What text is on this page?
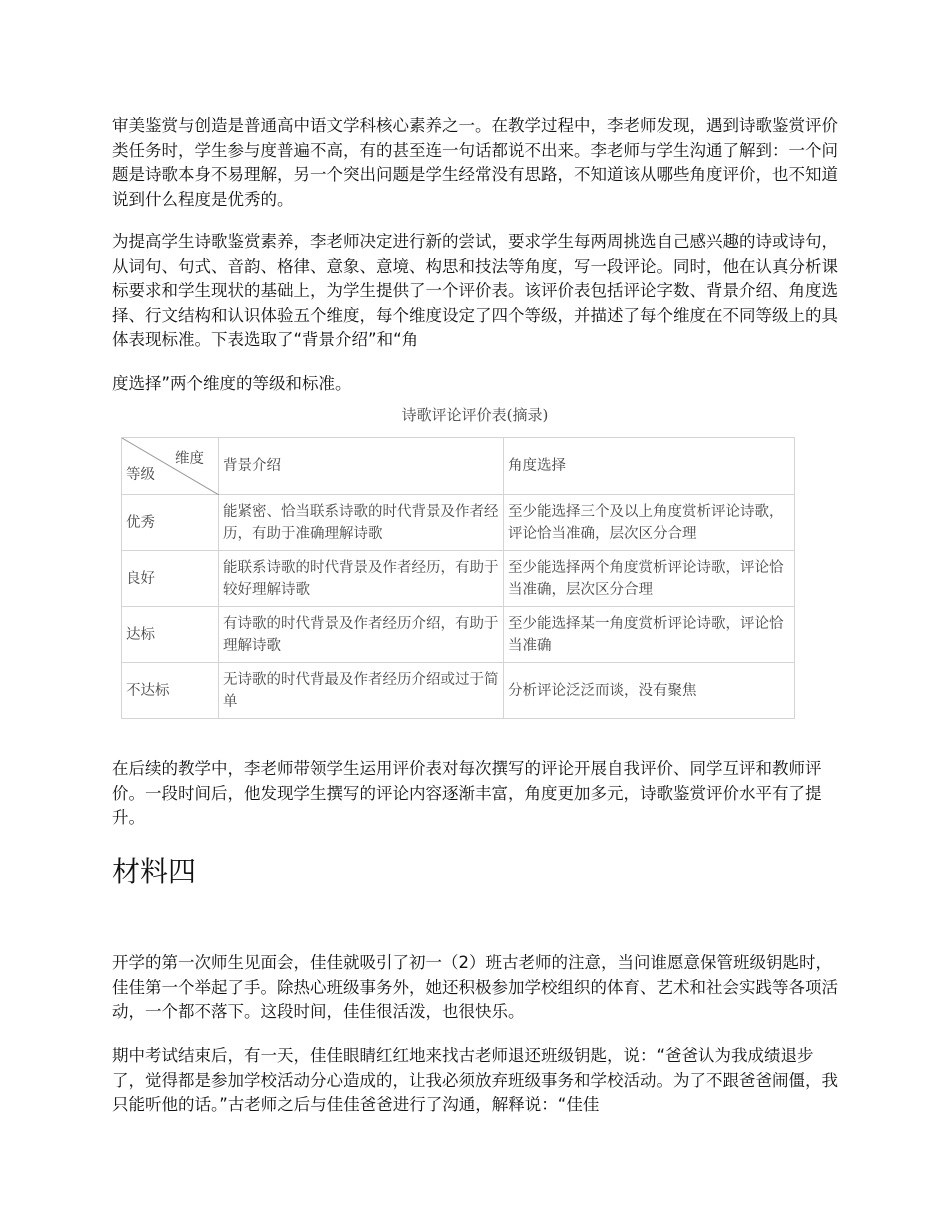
审美鉴赏与创造是普通高中语文学科核心素养之一。在教学过程中，李老师发现，遇到诗歌鉴赏评价类任务时，学生参与度普遍不高，有的甚至连一句话都说不出来。李老师与学生沟通了解到：一个问题是诗歌本身不易理解，另一个突出问题是学生经常没有思路，不知道该从哪些角度评价，也不知道说到什么程度是优秀的。

为提高学生诗歌鉴赏素养，李老师决定进行新的尝试，要求学生每两周挑选自己感兴趣的诗或诗句，从词句、句式、音韵、格律、意象、意境、构思和技法等角度，写一段评论。同时，他在认真分析课标要求和学生现状的基础上，为学生提供了一个评价表。该评价表包括评论字数、背景介绍、角度选择、行文结构和认识体验五个维度，每个维度设定了四个等级，并描述了每个维度在不同等级上的具体表现标准。下表选取了“背景介绍”和“角

度选择”两个维度的等级和标准。

诗歌评论评价表(摘录)
维度
等级	背景介绍	角度选择
优秀	能紧密、恰当联系诗歌的时代背景及作者经历，有助于准确理解诗歌	至少能选择三个及以上角度赏析评论诗歌，评论恰当准确，层次区分合理
良好	能联系诗歌的时代背景及作者经历，有助于较好理解诗歌	至少能选择两个角度赏析评论诗歌，评论恰当准确，层次区分合理
达标	有诗歌的时代背景及作者经历介绍，有助于理解诗歌	至少能选择某一角度赏析评论诗歌，评论恰当准确
不达标	无诗歌的时代背最及作者经历介绍或过于简单	分析评论泛泛而谈，没有聚焦

在后续的教学中，李老师带领学生运用评价表对每次撰写的评论开展自我评价、同学互评和教师评价。一段时间后，他发现学生撰写的评论内容逐渐丰富，角度更加多元，诗歌鉴赏评价水平有了提升。

材料四

开学的第一次师生见面会，佳佳就吸引了初一（2）班古老师的注意，当问谁愿意保管班级钥匙时，佳佳第一个举起了手。除热心班级事务外，她还积极参加学校组织的体育、艺术和社会实践等各项活动，一个都不落下。这段时间，佳佳很活泼，也很快乐。

期中考试结束后，有一天，佳佳眼睛红红地来找古老师退还班级钥匙，说：“爸爸认为我成绩退步了，觉得都是参加学校活动分心造成的，让我必须放弃班级事务和学校活动。为了不跟爸爸闹僵，我只能听他的话。”古老师之后与佳佳爸爸进行了沟通，解释说：“佳佳
